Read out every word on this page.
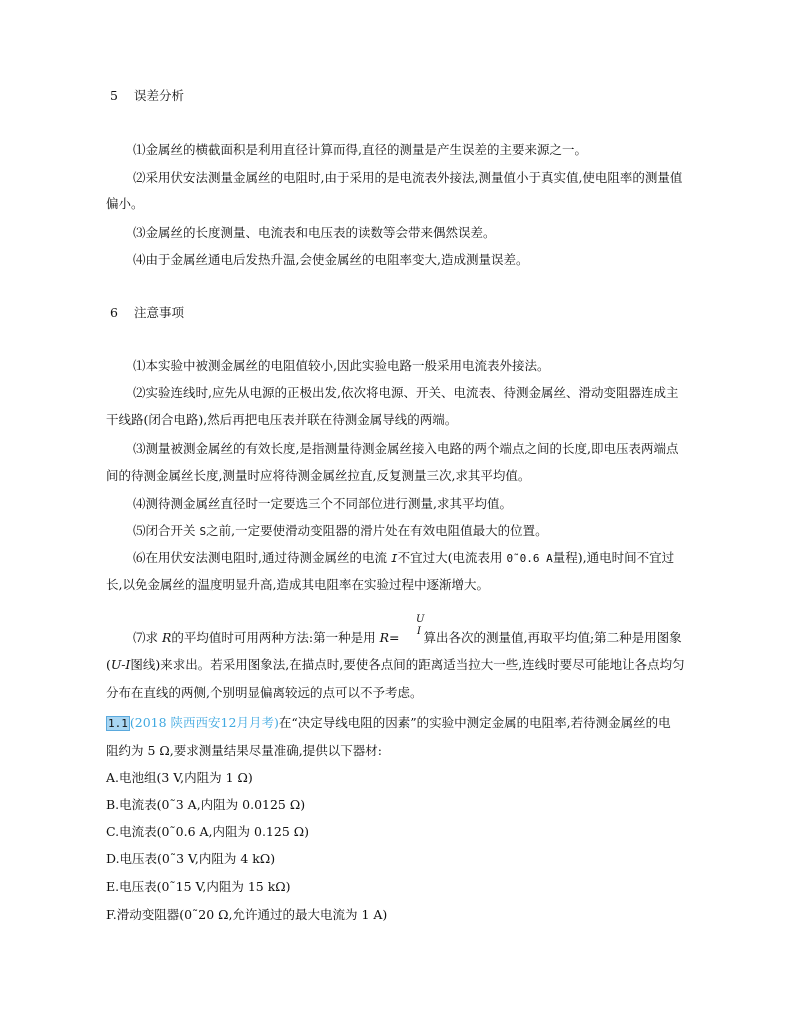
5 误差分析
⑴金属丝的横截面积是利用直径计算而得,直径的测量是产生误差的主要来源之一。
⑵采用伏安法测量金属丝的电阻时,由于采用的是电流表外接法,测量值小于真实值,使电阻率的测量值
偏小。
⑶金属丝的长度测量、电流表和电压表的读数等会带来偶然误差。
⑷由于金属丝通电后发热升温,会使金属丝的电阻率变大,造成测量误差。
6 注意事项
⑴本实验中被测金属丝的电阻值较小,因此实验电路一般采用电流表外接法。
⑵实验连线时,应先从电源的正极出发,依次将电源、开关、电流表、待测金属丝、滑动变阻器连成主
干线路(闭合电路),然后再把电压表并联在待测金属导线的两端。
⑶测量被测金属丝的有效长度,是指测量待测金属丝接入电路的两个端点之间的长度,即电压表两端点
间的待测金属丝长度,测量时应将待测金属丝拉直,反复测量三次,求其平均值。
⑷测待测金属丝直径时一定要选三个不同部位进行测量,求其平均值。
⑸闭合开关 S之前,一定要使滑动变阻器的滑片处在有效电阻值最大的位置。
⑹在用伏安法测电阻时,通过待测金属丝的电流 I不宜过大(电流表用 0˜0.6 A量程),通电时间不宜过
长,以免金属丝的温度明显升高,造成其电阻率在实验过程中逐渐增大。
U
I
⑺求 R的平均值时可用两种方法:第一种是用 R= 算出各次的测量值,再取平均值;第二种是用图象
(U-I图线)来求出。若采用图象法,在描点时,要使各点间的距离适当拉大一些,连线时要尽可能地让各点均匀
分布在直线的两侧,个别明显偏离较远的点可以不予考虑。
1.1 (2018 陕西西安12月月考)在“决定导线电阻的因素”的实验中测定金属的电阻率,若待测金属丝的电
阻约为 5 Ω,要求测量结果尽量准确,提供以下器材:
A.电池组(3 V,内阻为 1 Ω)
B.电流表(0˜3 A,内阻为 0.0125 Ω)
C.电流表(0˜0.6 A,内阻为 0.125 Ω)
D.电压表(0˜3 V,内阻为 4 kΩ)
E.电压表(0˜15 V,内阻为 15 kΩ)
F.滑动变阻器(0˜20 Ω,允许通过的最大电流为 1 A)
